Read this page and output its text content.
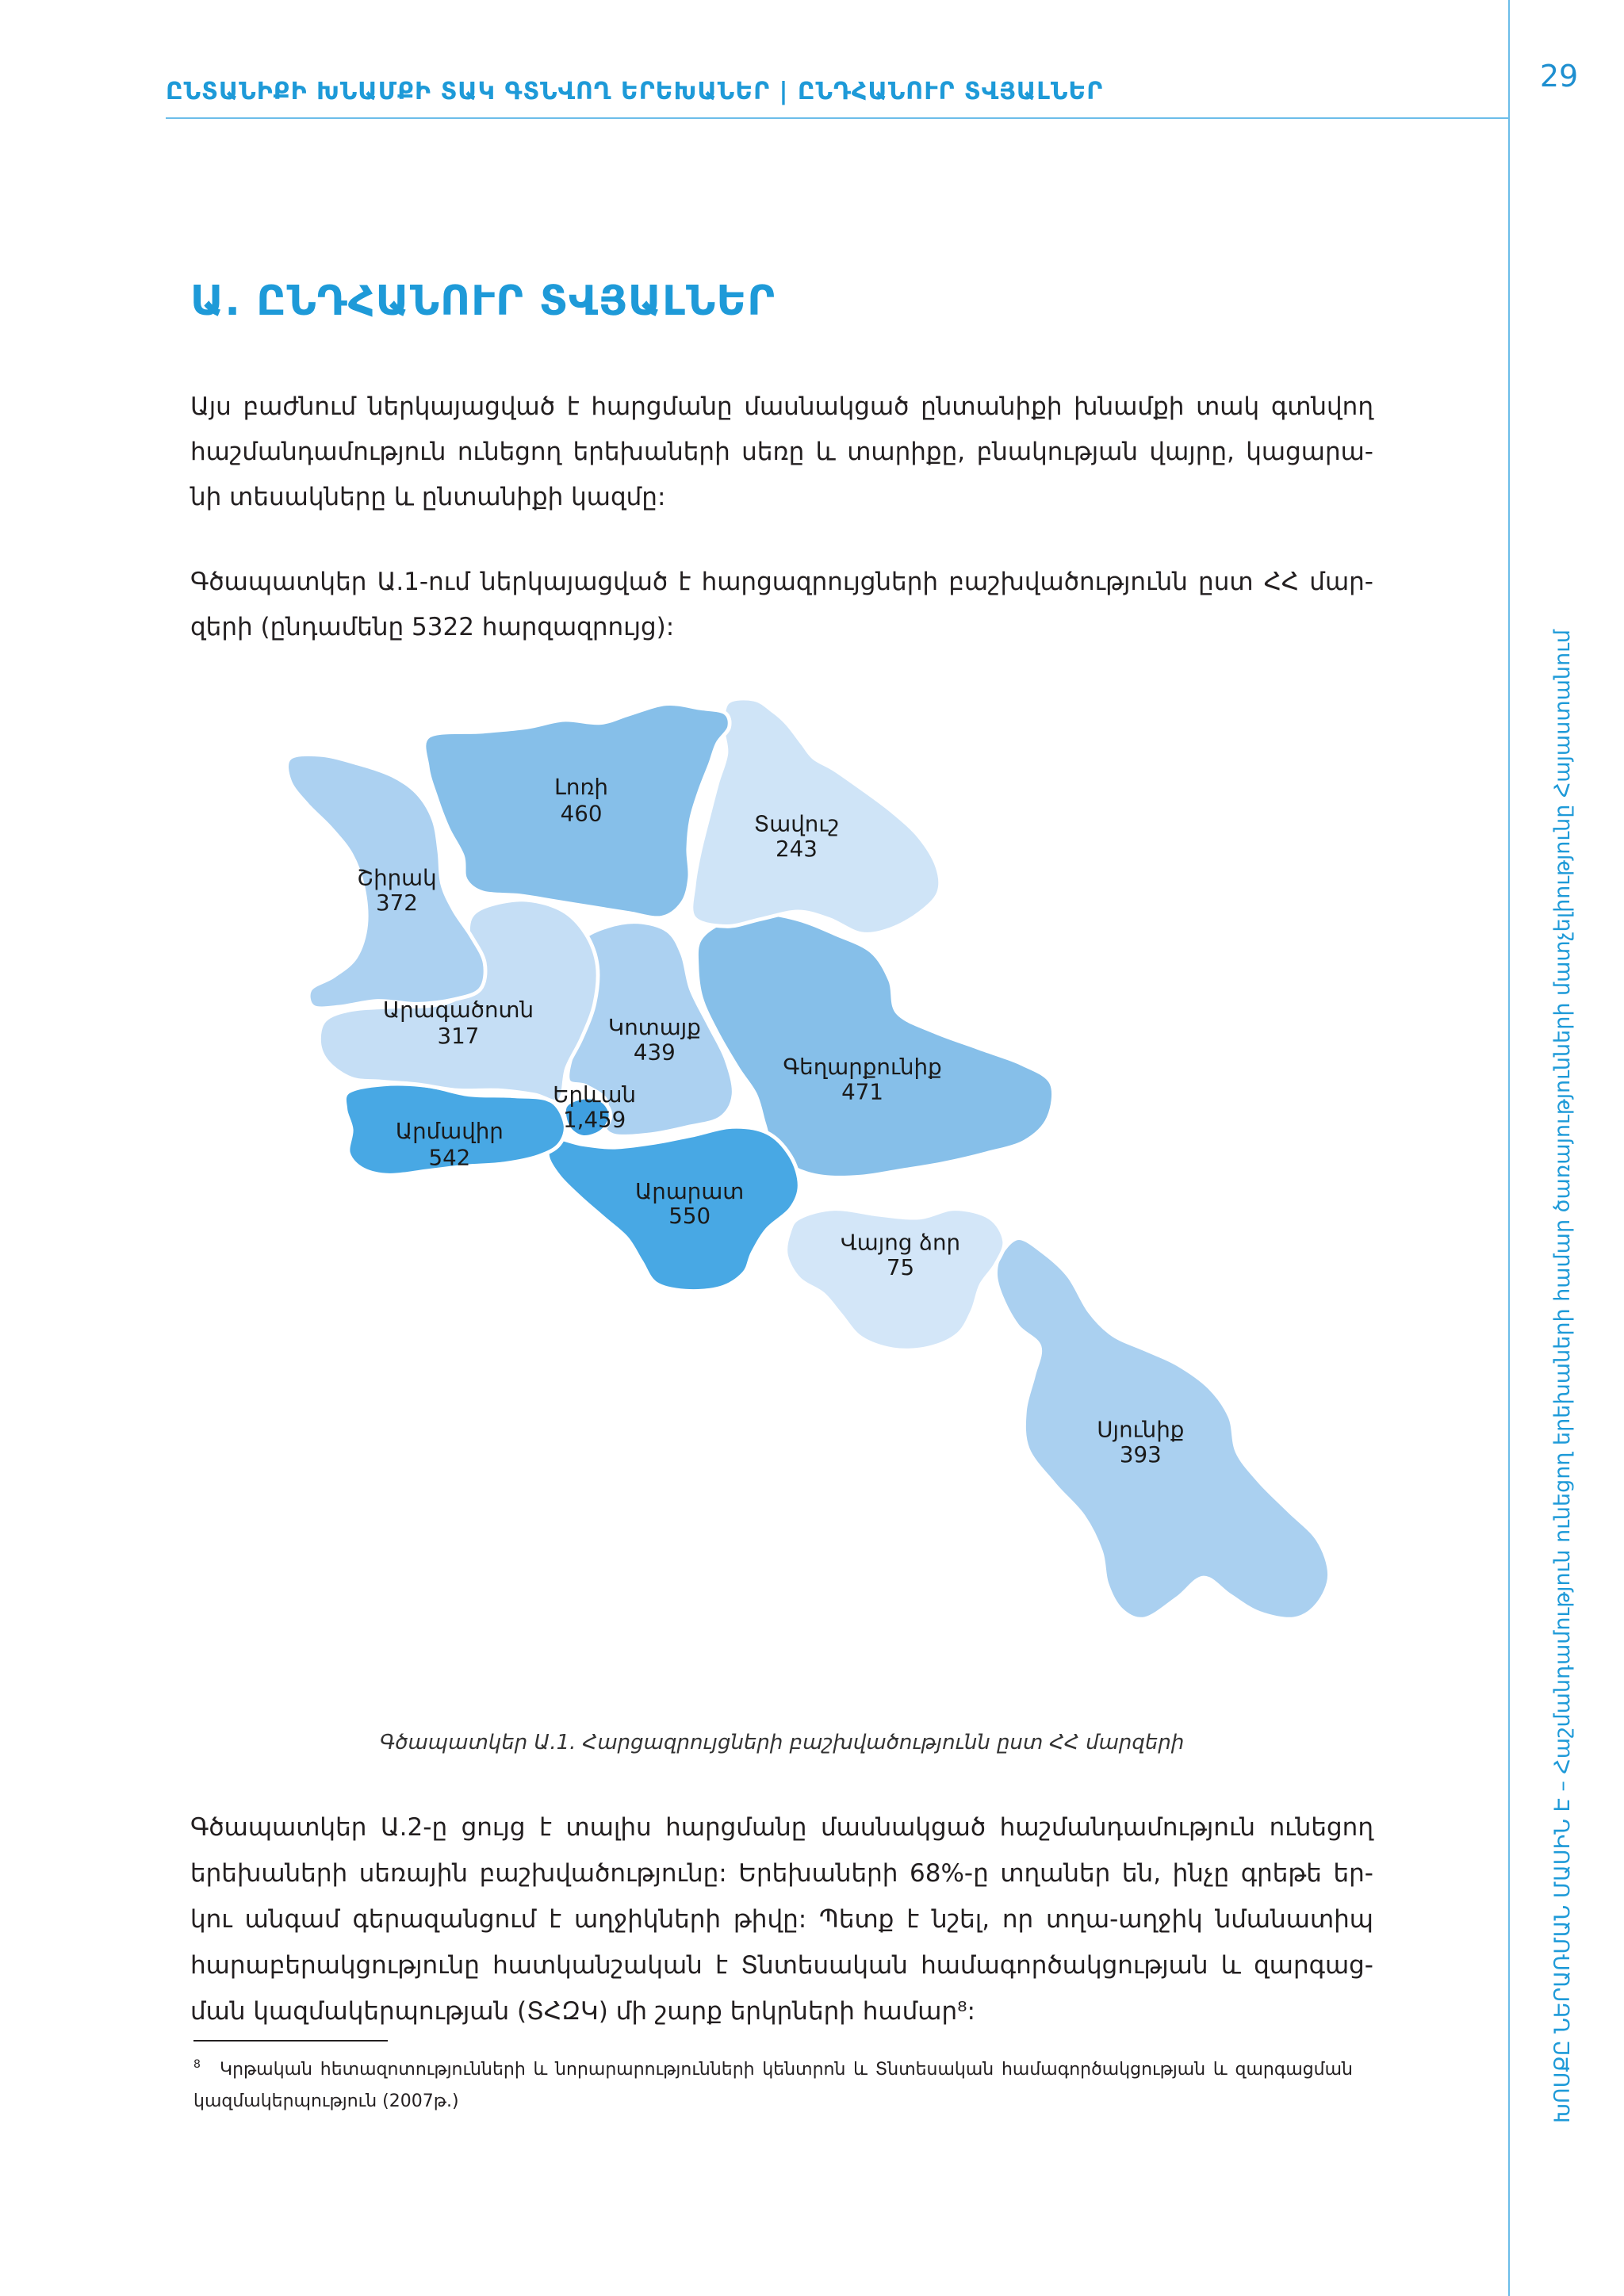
ԸՆՏԱՆԻՔԻ ԽՆԱՄՔԻ ՏԱԿ ԳՏՆՎՈՂ ԵՐԵԽԱՆԵՐ | ԸՆԴՀԱՆՈՒՐ ՏՎՅԱԼՆԵՐ	29
ԽՈՍՔԸ ՆԵՐԱՌՄԱՆ ՄԱՍԻՆ Է – Հաշմանդամություն ունեցող երեխաների համար ծառայությունների մատչելիությունը Հայաստանում
Ա. ԸՆԴՀԱՆՈՒՐ ՏՎՅԱԼՆԵՐ
Այս բաժնում ներկայացված է հարցմանը մասնակցած ընտանիքի խնամքի տակ գտնվող
հաշմանդամություն ունեցող երեխաների սեռը և տարիքը, բնակության վայրը, կացարա-
նի տեսակները և ընտանիքի կազմը:
Գծապատկեր Ա.1-ում ներկայացված է հարցազրույցների բաշխվածությունն ըստ ՀՀ մար-
զերի (ընդամենը 5322 հարզազրույց):
Լոռի
460	Տավուշ
243
Շիրակ
372
Արագածոտն
317	Կոտայք
439
Գեղարքունիք
471
Երևան
1,459
Արմավիր
542
Արարատ
550
Վայոց ձոր
75
Սյունիք
393
Գծապատկեր Ա.1. Հարցազրույցների բաշխվածությունն ըստ ՀՀ մարզերի
Գծապատկեր Ա.2-ը ցույց է տալիս հարցմանը մասնակցած հաշմանդամություն ունեցող
երեխաների սեռային բաշխվածությունը: Երեխաների 68%-ը տղաներ են, ինչը գրեթե եր-
կու անգամ գերազանցում է աղջիկների թիվը: Պետք է նշել, որ տղա-աղջիկ նմանատիպ
հարաբերակցությունը հատկանշական է Տնտեսական համագործակցության և զարգաց-
ման կազմակերպության (ՏՀԶԿ) մի շարք երկրների համար⁸:
8	Կրթական հետազոտությունների և նորարարությունների կենտրոն և Տնտեսական համագործակցության և զարգացման
կազմակերպություն (2007թ.)
